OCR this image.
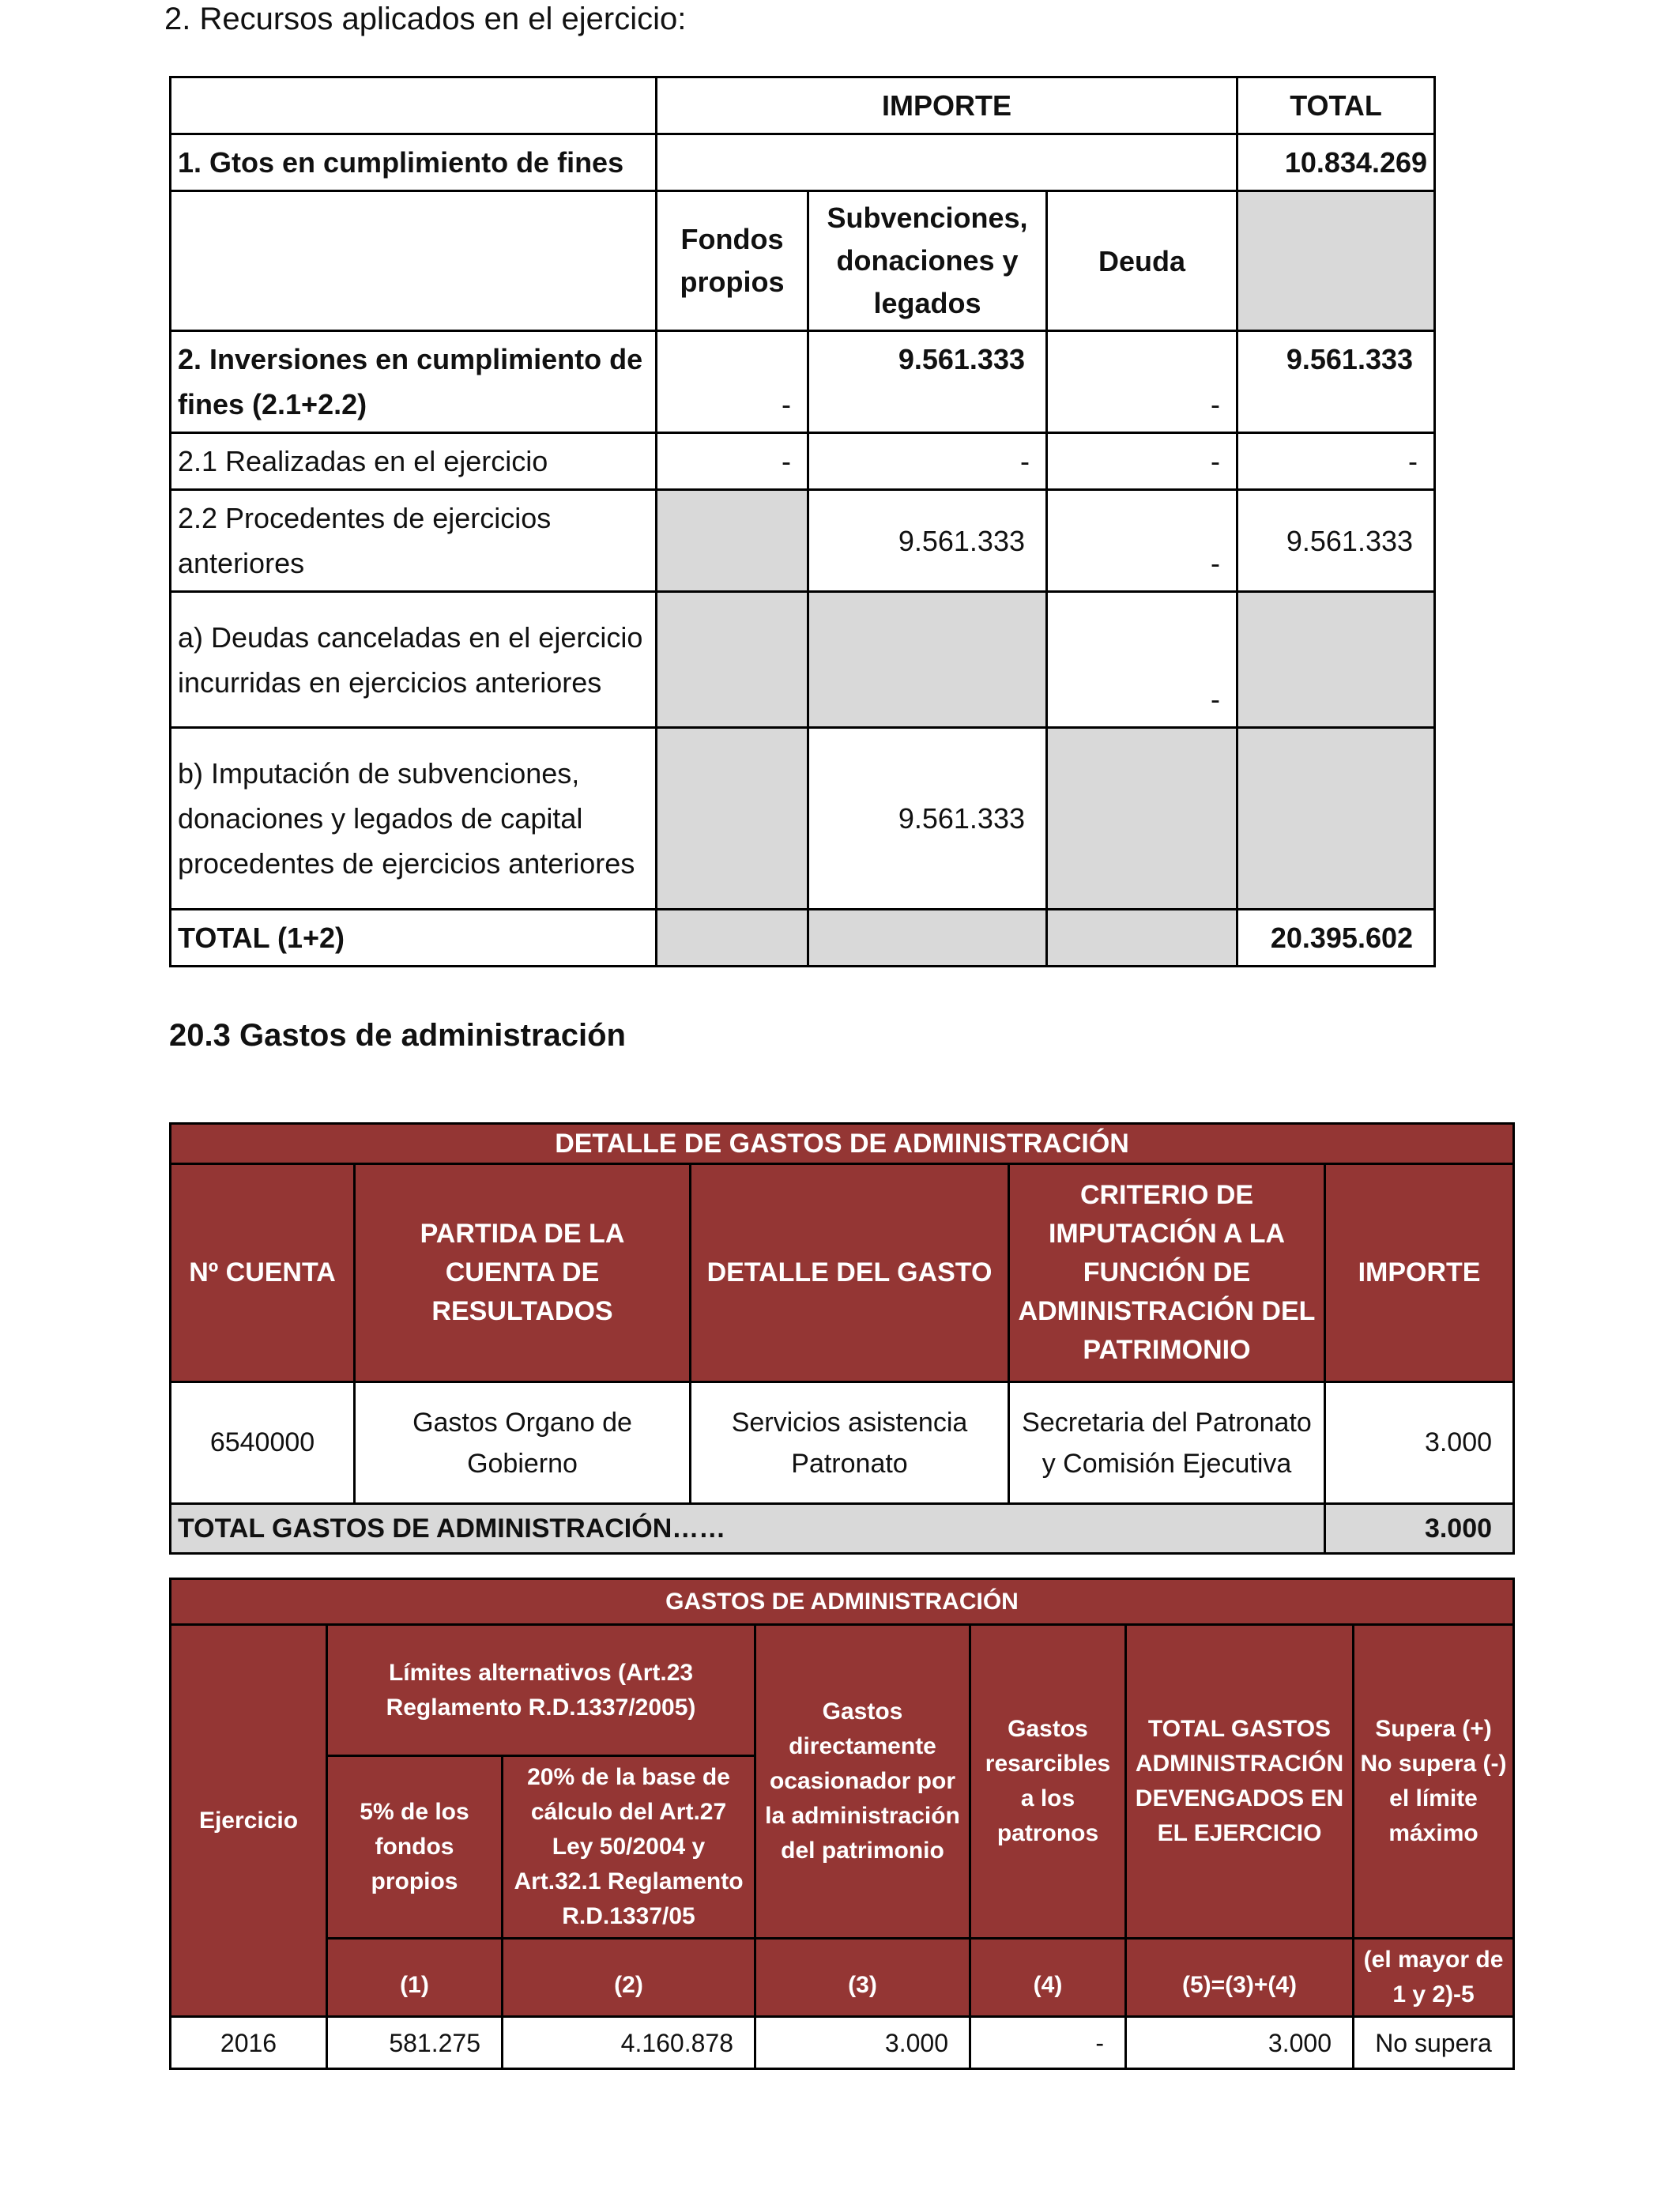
2. Recursos aplicados en el ejercicio:
	IMPORTE			TOTAL
1. Gtos en cumplimiento de fines				10.834.269
	Fondos propios	Subvenciones, donaciones y legados	Deuda	
2. Inversiones en cumplimiento de fines (2.1+2.2)	-	9.561.333	-	9.561.333
2.1 Realizadas en el ejercicio	-	-	-	-
2.2 Procedentes de ejercicios anteriores		9.561.333	-	9.561.333
a) Deudas canceladas en el ejercicio incurridas en ejercicios anteriores			-	
b) Imputación de subvenciones, donaciones y legados de capital procedentes de ejercicios anteriores		9.561.333		
TOTAL (1+2)				20.395.602
20.3 Gastos de administración
DETALLE DE GASTOS DE ADMINISTRACIÓN				
Nº CUENTA	PARTIDA DE LA CUENTA DE RESULTADOS	DETALLE DEL GASTO	CRITERIO DE IMPUTACIÓN A LA FUNCIÓN DE ADMINISTRACIÓN DEL PATRIMONIO	IMPORTE
6540000	Gastos Organo de Gobierno	Servicios asistencia Patronato	Secretaria del Patronato y Comisión Ejecutiva	3.000
TOTAL GASTOS DE ADMINISTRACIÓN……				3.000
GASTOS DE ADMINISTRACIÓN						
Ejercicio	Límites alternativos (Art.23 Reglamento R.D.1337/2005)		Gastos directamente ocasionador por la administración del patrimonio	Gastos resarcibles a los patronos	TOTAL GASTOS ADMINISTRACIÓN DEVENGADOS EN EL EJERCICIO	Supera (+) No supera (-) el límite máximo
	5% de los fondos propios	20% de la base de cálculo del Art.27 Ley 50/2004 y Art.32.1 Reglamento R.D.1337/05				
	(1)	(2)	(3)	(4)	(5)=(3)+(4)	(el mayor de 1 y 2)-5
2016	581.275	4.160.878	3.000	-	3.000	No supera
